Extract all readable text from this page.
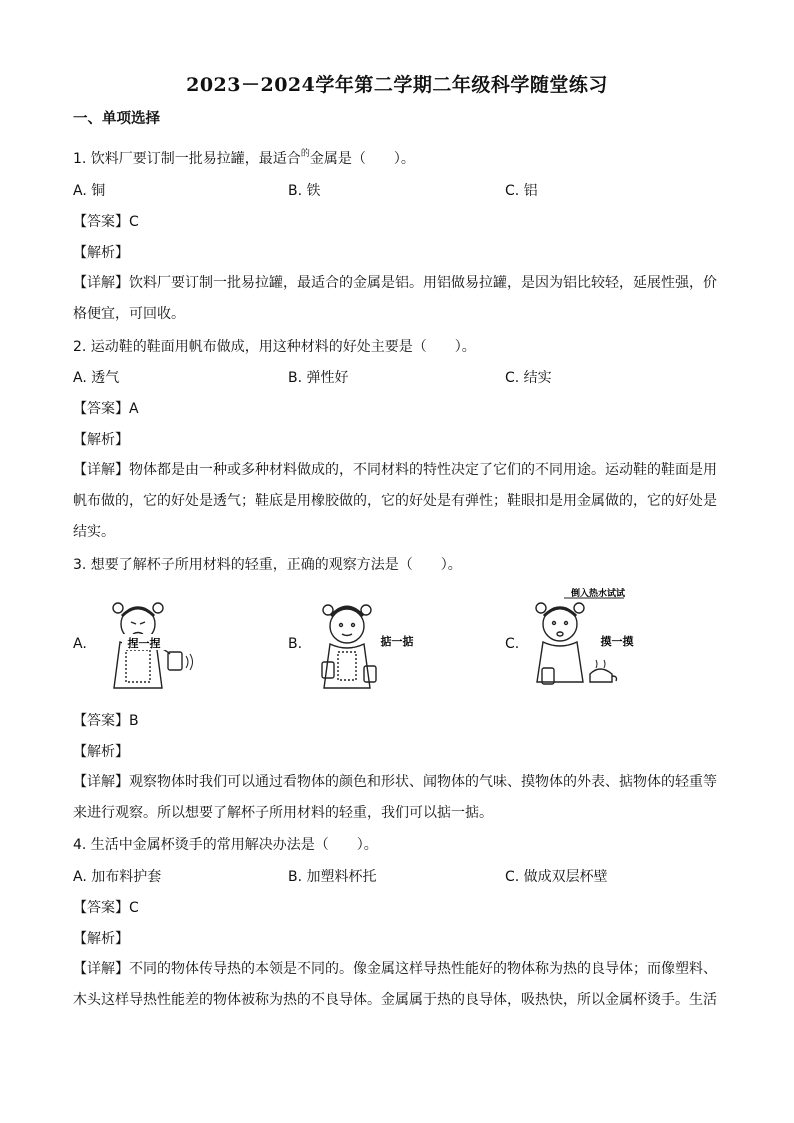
2023－2024学年第二学期二年级科学随堂练习
一、单项选择
1. 饮料厂要订制一批易拉罐，最适合$^的$金属是（　　）。
A. 铜	B. 铁	C. 铝
【答案】C
【解析】
【详解】饮料厂要订制一批易拉罐，最适合的金属是铝。用铝做易拉罐，是因为铝比较轻，延展性强，价格便宜，可回收。
2. 运动鞋的鞋面用帆布做成，用这种材料的好处主要是（　　）。
A. 透气	B. 弹性好	C. 结实
【答案】A
【解析】
【详解】物体都是由一种或多种材料做成的，不同材料的特性决定了它们的不同用途。运动鞋的鞋面是用帆布做的，它的好处是透气；鞋底是用橡胶做的，它的好处是有弹性；鞋眼扣是用金属做的，它的好处是结实。
3. 想要了解杯子所用材料的轻重，正确的观察方法是（　　）。
A.	捏一捏	B.	掂一掂	C.
倒入热水试试
摸一摸
【答案】B
【解析】
【详解】观察物体时我们可以通过看物体的颜色和形状、闻物体的气味、摸物体的外表、掂物体的轻重等来进行观察。所以想要了解杯子所用材料的轻重，我们可以掂一掂。
4. 生活中金属杯烫手的常用解决办法是（　　）。
A. 加布料护套	B. 加塑料杯托	C. 做成双层杯壁
【答案】C
【解析】
【详解】不同的物体传导热的本领是不同的。像金属这样导热性能好的物体称为热的良导体；而像塑料、木头这样导热性能差的物体被称为热的不良导体。金属属于热的良导体，吸热快，所以金属杯烫手。生活
